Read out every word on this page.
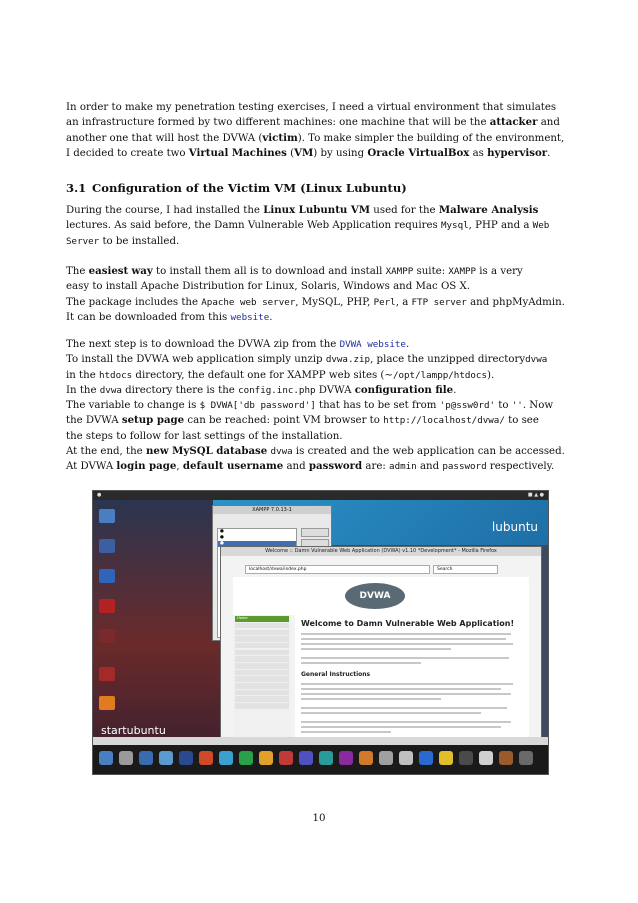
In order to make my penetration testing exercises, I need a virtual environment that simulates
an infrastructure formed by two different machines: one machine that will be the attacker and
another one that will host the DVWA (victim). To make simpler the building of the environment,
I decided to create two Virtual Machines (VM) by using Oracle VirtualBox as hypervisor.
3.1 Configuration of the Victim VM (Linux Lubuntu)
During the course, I had installed the Linux Lubuntu VM used for the Malware Analysis
lectures. As said before, the Damn Vulnerable Web Application requires Mysql, PHP and a Web
Server to be installed.
The easiest way to install them all is to download and install XAMPP suite: XAMPP is a very
easy to install Apache Distribution for Linux, Solaris, Windows and Mac OS X.
The package includes the Apache web server, MySQL, PHP, Perl, a FTP server and phpMyAdmin.
It can be downloaded from this website.
The next step is to download the DVWA zip from the DVWA website.
To install the DVWA web application simply unzip dvwa.zip, place the unzipped directorydvwa
in the htdocs directory, the default one for XAMPP web sites (∼/opt/lampp/htdocs).
In the dvwa directory there is the config.inc.php DVWA configuration file.
The variable to change is $ DVWA['db password'] that has to be set from 'p@ssw0rd' to ''. Now
the DVWA setup page can be reached: point VM browser to http://localhost/dvwa/ to see
the steps to follow for last settings of the installation.
At the end, the new MySQL database dvwa is created and the web application can be accessed.
At DVWA login page, default username and password are: admin and password respectively.
●	■ ▲ ●
lubuntu
startubuntu
XAMPP 7.0.13-1
●
●
●
Welcome :: Damn Vulnerable Web Application (DVWA) v1.10 *Development* - Mozilla Firefox
localhost/dvwa/index.php	Search
DVWA
Home
Welcome to Damn Vulnerable Web Application!
General Instructions
10
